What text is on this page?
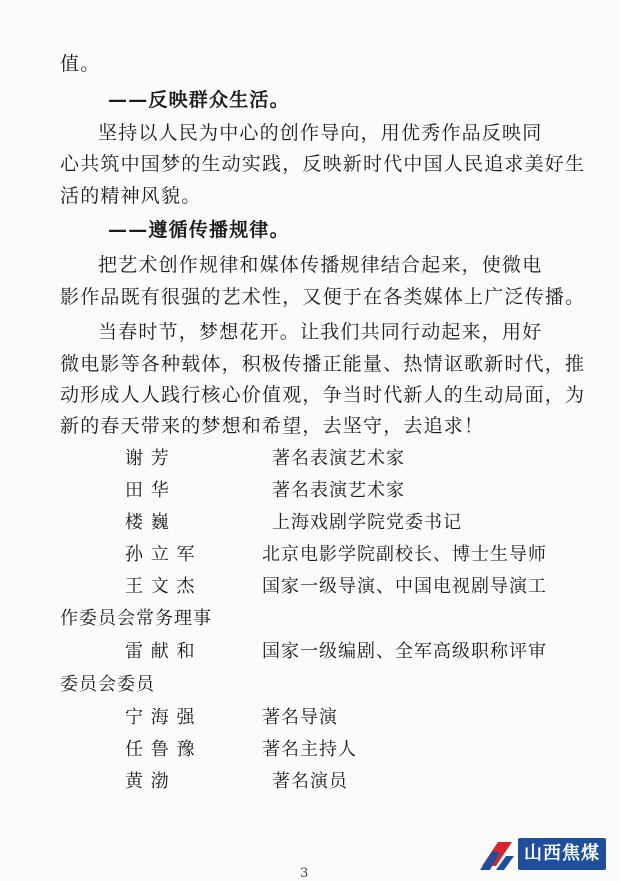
值。
——反映群众生活。
坚持以人民为中心的创作导向，用优秀作品反映同
心共筑中国梦的生动实践，反映新时代中国人民追求美好生
活的精神风貌。
——遵循传播规律。
把艺术创作规律和媒体传播规律结合起来，使微电
影作品既有很强的艺术性，又便于在各类媒体上广泛传播。
当春时节，梦想花开。让我们共同行动起来，用好
微电影等各种载体，积极传播正能量、热情讴歌新时代，推
动形成人人践行核心价值观，争当时代新人的生动局面，为
新的春天带来的梦想和希望，去坚守，去追求！
谢 芳	著名表演艺术家
田 华	著名表演艺术家
楼 巍	上海戏剧学院党委书记
孙 立 军	北京电影学院副校长、博士生导师
王 文 杰	国家一级导演、中国电视剧导演工
作委员会常务理事
雷 献 和	国家一级编剧、全军高级职称评审
委员会委员
宁 海 强	著名导演
任 鲁 豫	著名主持人
黄 渤	著名演员
3
山西焦煤
